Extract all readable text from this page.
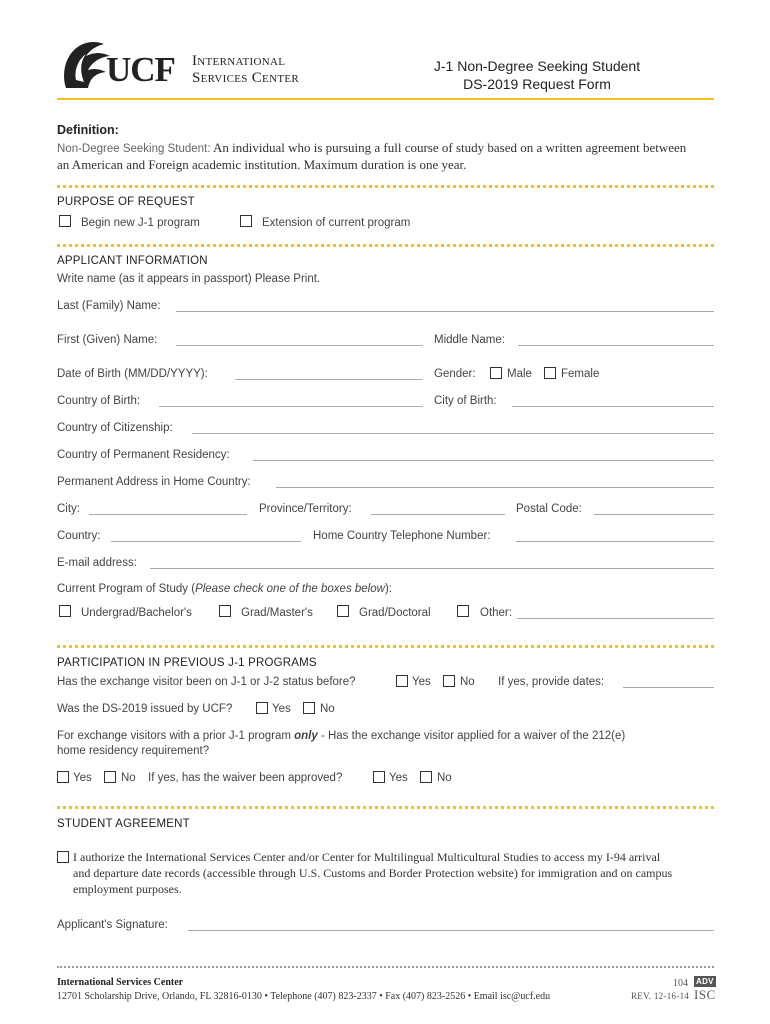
UCF International
Services Center
J-1 Non-Degree Seeking Student
DS-2019 Request Form
Definition:
Non-Degree Seeking Student: An individual who is pursuing a full course of study based on a written agreement between
an American and Foreign academic institution. Maximum duration is one year.
PURPOSE OF REQUEST
Begin new J-1 program	Extension of current program
APPLICANT INFORMATION
Write name (as it appears in passport) Please Print.
Last (Family) Name:
First (Given) Name:	Middle Name:
Date of Birth (MM/DD/YYYY):	Gender:	Male	Female
Country of Birth:	City of Birth:
Country of Citizenship:
Country of Permanent Residency:
Permanent Address in Home Country:
City:	Province/Territory:	Postal Code:
Country:	Home Country Telephone Number:
E-mail address:
Current Program of Study (Please check one of the boxes below):
Undergrad/Bachelor's	Grad/Master's	Grad/Doctoral	Other:
PARTICIPATION IN PREVIOUS J-1 PROGRAMS
Has the exchange visitor been on J-1 or J-2 status before?	Yes	No If yes, provide dates:
Was the DS-2019 issued by UCF?	Yes	No
For exchange visitors with a prior J-1 program only - Has the exchange visitor applied for a waiver of the 212(e)
home residency requirement?
Yes	No If yes, has the waiver been approved?	Yes	No
STUDENT AGREEMENT
I authorize the International Services Center and/or Center for Multilingual Multicultural Studies to access my I-94 arrival
and departure date records (accessible through U.S. Customs and Border Protection website) for immigration and on campus
employment purposes.
Applicant's Signature:
International Services Center
12701 Scholarship Drive, Orlando, FL 32816-0130 • Telephone (407) 823-2337 • Fax (407) 823-2526 • Email isc@ucf.edu
104 ADV
REV. 12-16-14 ISC
